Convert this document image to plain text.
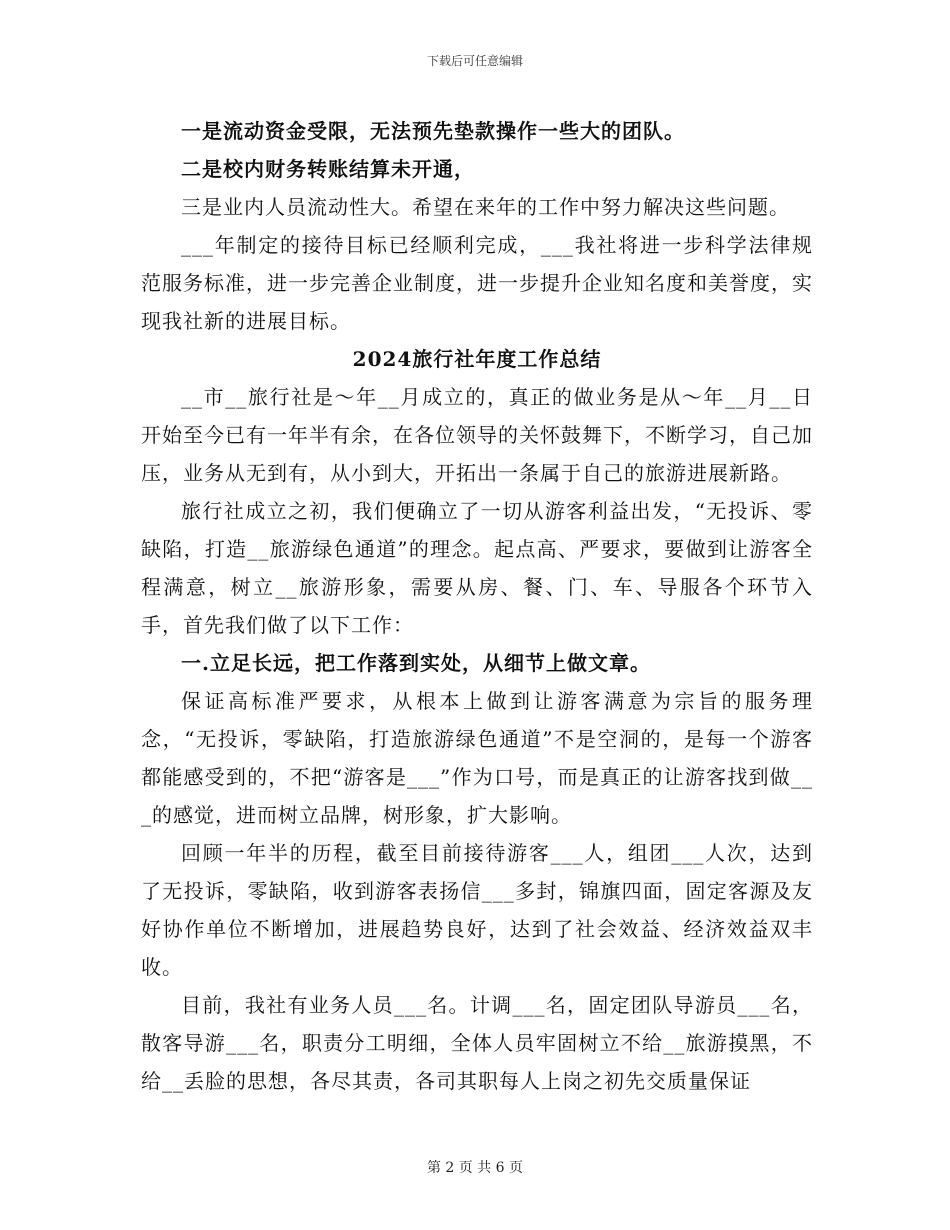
下载后可任意编辑

一是流动资金受限，无法预先垫款操作一些大的团队。

二是校内财务转账结算未开通，

三是业内人员流动性大。希望在来年的工作中努力解决这些问题。

___年制定的接待目标已经顺利完成，___我社将进一步科学法律规范服务标准，进一步完善企业制度，进一步提升企业知名度和美誉度，实现我社新的进展目标。

2024旅行社年度工作总结

__市__旅行社是～年__月成立的，真正的做业务是从～年__月__日开始至今已有一年半有余，在各位领导的关怀鼓舞下，不断学习，自己加压，业务从无到有，从小到大，开拓出一条属于自己的旅游进展新路。

旅行社成立之初，我们便确立了一切从游客利益出发，“无投诉、零缺陷，打造__旅游绿色通道”的理念。起点高、严要求，要做到让游客全程满意，树立__旅游形象，需要从房、餐、门、车、导服各个环节入手，首先我们做了以下工作：

一.立足长远，把工作落到实处，从细节上做文章。

保证高标准严要求，从根本上做到让游客满意为宗旨的服务理念，“无投诉，零缺陷，打造旅游绿色通道”不是空洞的，是每一个游客都能感受到的，不把“游客是___”作为口号，而是真正的让游客找到做___的感觉，进而树立品牌，树形象，扩大影响。

回顾一年半的历程，截至目前接待游客___人，组团___人次，达到了无投诉，零缺陷，收到游客表扬信___多封，锦旗四面，固定客源及友好协作单位不断增加，进展趋势良好，达到了社会效益、经济效益双丰收。

目前，我社有业务人员___名。计调___名，固定团队导游员___名，散客导游___名，职责分工明细，全体人员牢固树立不给__旅游摸黑，不给__丢脸的思想，各尽其责，各司其职每人上岗之初先交质量保证

第 2 页 共 6 页
